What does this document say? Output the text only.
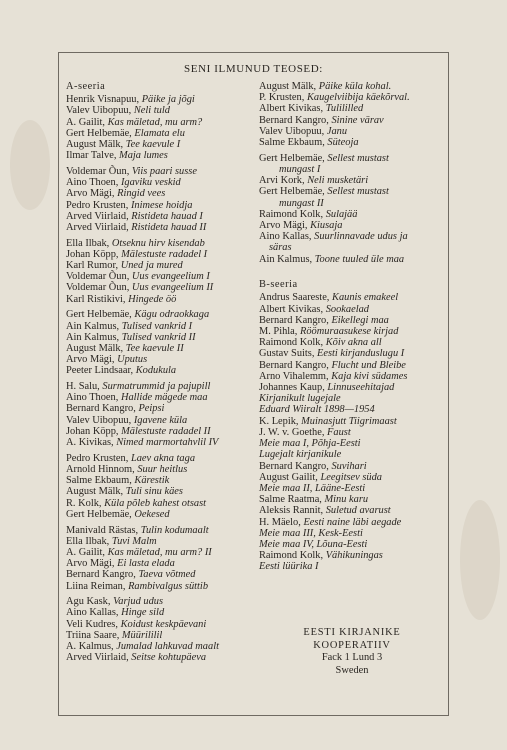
SENI ILMUNUD TEOSED:
A-seeria
Henrik Visnapuu, Päike ja jõgi
Valev Uibopuu, Neli tuld
A. Gailit, Kas mäletad, mu arm?
Gert Helbemäe, Elamata elu
August Mälk, Tee kaevule I
Ilmar Talve, Maja lumes
Voldemar Õun, Viis paari susse
Aino Thoen, Igaviku veskid
Arvo Mägi, Ringid vees
Pedro Krusten, Inimese hoidja
Arved Viirlaid, Ristideta hauad I
Arved Viirlaid, Ristideta hauad II
Ella Ilbak, Otseknu hirv kisendab
Johan Köpp, Mälestuste radadel I
Karl Rumor, Uned ja mured
Voldemar Õun, Uus evangeelium I
Voldemar Õun, Uus evangeelium II
Karl Ristikivi, Hingede öö
Gert Helbemäe, Kägu odraokkaga
Ain Kalmus, Tulised vankrid I
Ain Kalmus, Tulised vankrid II
August Mälk, Tee kaevule II
Arvo Mägi, Uputus
Peeter Lindsaar, Kodukula
H. Salu, Surmatrummid ja pajupill
Aino Thoen, Hallide mägede maa
Bernard Kangro, Peipsi
Valev Uibopuu, Igavene küla
Johan Köpp, Mälestuste radadel II
A. Kivikas, Nimed marmortahvlil IV
Pedro Krusten, Laev akna taga
Arnold Hinnom, Suur heitlus
Salme Ekbaum, Kärestik
August Mälk, Tuli sinu käes
R. Kolk, Küla põleb kahest otsast
Gert Helbemäe, Oekesed
Manivald Rästas, Tulin kodumaalt
Ella Ilbak, Tuvi Malm
A. Gailit, Kas mäletad, mu arm? II
Arvo Mägi, Ei lasta elada
Bernard Kangro, Taeva võtmed
Liina Reiman, Rambivalgus süttib
Agu Kask, Varjud udus
Aino Kallas, Hinge sild
Veli Kudres, Koidust keskpäevani
Triina Saare, Müürililil
A. Kalmus, Jumalad lahkuvad maalt
Arved Viirlaid, Seitse kohtupäeva
August Mälk, Päike küla kohal.
P. Krusten, Kaugelviibija käekõrval.
Albert Kivikas, Tulililled
Bernard Kangro, Sinine värav
Valev Uibopuu, Janu
Salme Ekbaum, Süteoja
Gert Helbemäe, Sellest mustast
mungast I
Arvi Kork, Neli musketäri
Gert Helbemäe, Sellest mustast
mungast II
Raimond Kolk, Sulajää
Arvo Mägi, Kiusaja
Aino Kallas, Suurlinnavade udus ja
säras
Ain Kalmus, Toone tuuled üle maa
B-seeria
Andrus Saareste, Kaunis emakeel
Albert Kivikas, Sookaelad
Bernard Kangro, Eikellegi maa
M. Pihla, Röömuraasukese kirjad
Raimond Kolk, Kõiv akna all
Gustav Suits, Eesti kirjanduslugu I
Bernard Kangro, Flucht und Bleibe
Arno Vihalemm, Kaja kivi südames
Johannes Kaup, Linnuseehitajad
Kirjanikult lugejale
Eduard Wiiralt 1898—1954
K. Lepik, Muinasjutt Tiigrimaast
J. W. v. Goethe, Faust
Meie maa I, Põhja-Eesti
Lugejalt kirjanikule
Bernard Kangro, Suvihari
August Gailit, Leegitsev süda
Meie maa II, Lääne-Eesti
Salme Raatma, Minu karu
Aleksis Rannit, Suletud avarust
H. Mäelo, Eesti naine läbi aegade
Meie maa III, Kesk-Eesti
Meie maa IV, Lõuna-Eesti
Raimond Kolk, Vähikuningas
Eesti lüürika I
EESTI KIRJANIKE
KOOPERATIIV
Fack 1 Lund 3
Sweden
